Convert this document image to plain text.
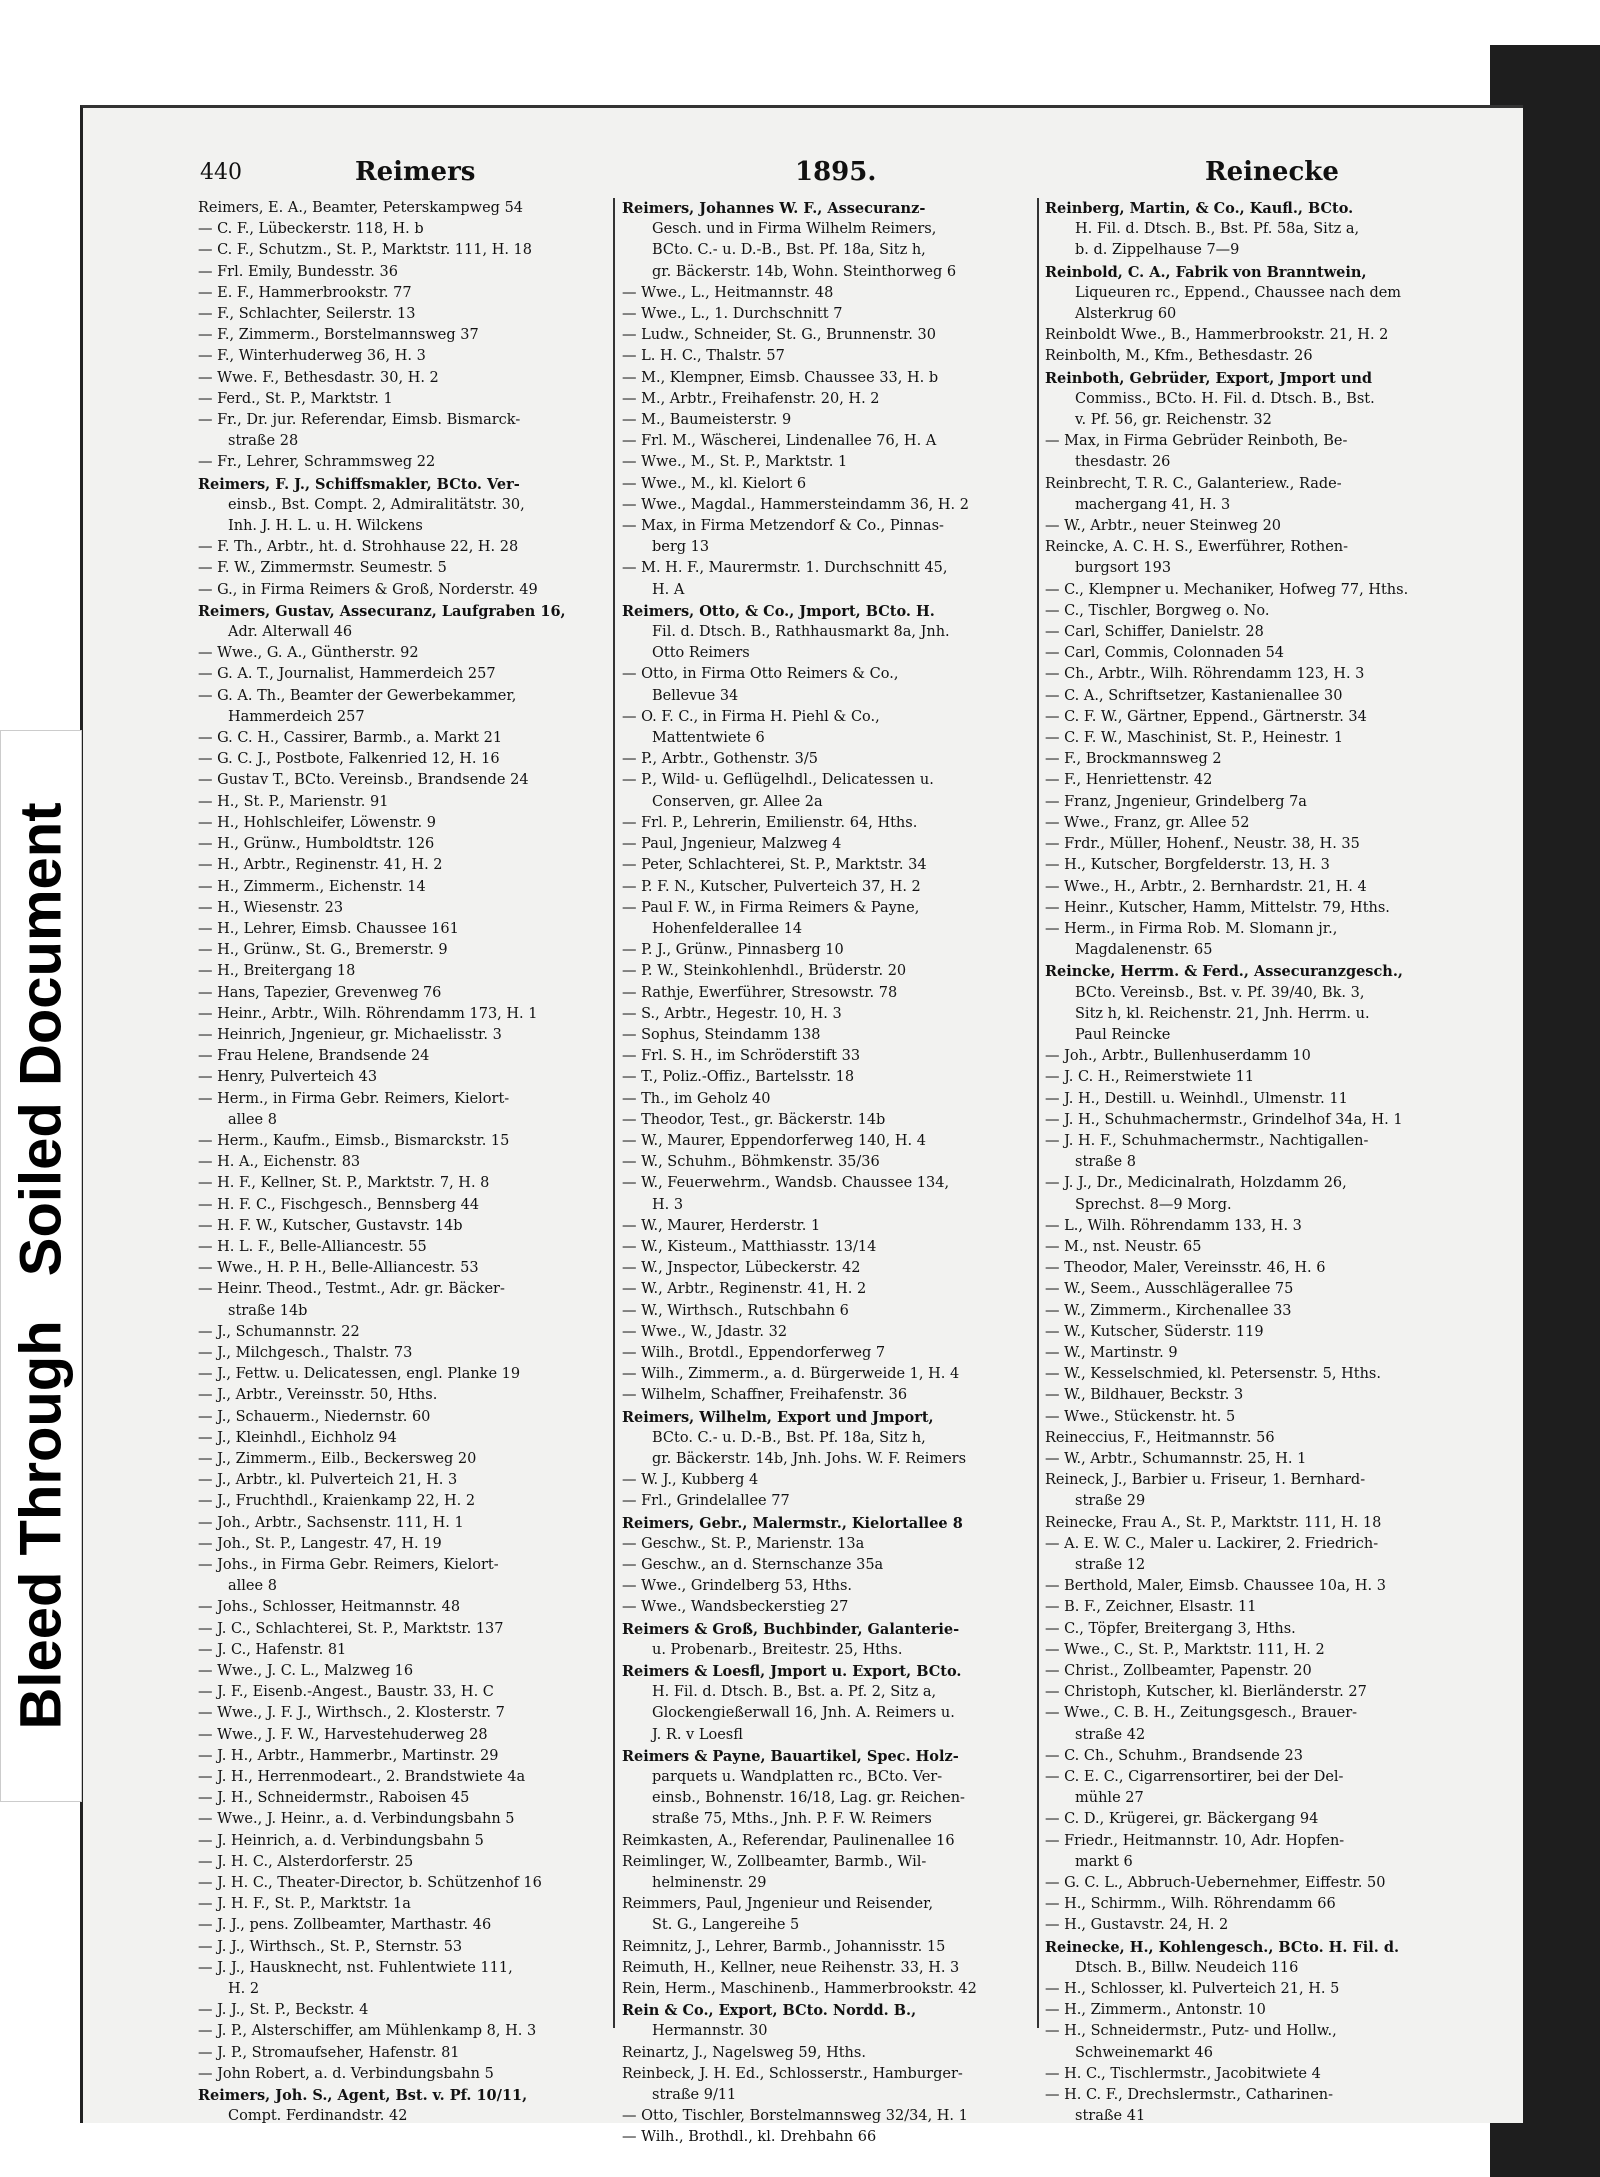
Bleed Through Soiled Document
440	Reimers	1895.	Reinecke
Reimers, E. A., Beamter, Peterskampweg 54
— C. F., Lübeckerstr. 118, H. b
— C. F., Schutzm., St. P., Marktstr. 111, H. 18
— Frl. Emily, Bundesstr. 36
— E. F., Hammerbrookstr. 77
— F., Schlachter, Seilerstr. 13
— F., Zimmerm., Borstelmannsweg 37
— F., Winterhuderweg 36, H. 3
— Wwe. F., Bethesdastr. 30, H. 2
— Ferd., St. P., Marktstr. 1
— Fr., Dr. jur. Referendar, Eimsb. Bismarck-
straße 28
— Fr., Lehrer, Schrammsweg 22
Reimers, F. J., Schiffsmakler, BCto. Ver-
einsb., Bst. Compt. 2, Admiralitätstr. 30,
Inh. J. H. L. u. H. Wilckens
— F. Th., Arbtr., ht. d. Strohhause 22, H. 28
— F. W., Zimmermstr. Seumestr. 5
— G., in Firma Reimers & Groß, Norderstr. 49
Reimers, Gustav, Assecuranz, Laufgraben 16,
Adr. Alterwall 46
— Wwe., G. A., Güntherstr. 92
— G. A. T., Journalist, Hammerdeich 257
— G. A. Th., Beamter der Gewerbekammer,
Hammerdeich 257
— G. C. H., Cassirer, Barmb., a. Markt 21
— G. C. J., Postbote, Falkenried 12, H. 16
— Gustav T., BCto. Vereinsb., Brandsende 24
— H., St. P., Marienstr. 91
— H., Hohlschleifer, Löwenstr. 9
— H., Grünw., Humboldtstr. 126
— H., Arbtr., Reginenstr. 41, H. 2
— H., Zimmerm., Eichenstr. 14
— H., Wiesenstr. 23
— H., Lehrer, Eimsb. Chaussee 161
— H., Grünw., St. G., Bremerstr. 9
— H., Breitergang 18
— Hans, Tapezier, Grevenweg 76
— Heinr., Arbtr., Wilh. Röhrendamm 173, H. 1
— Heinrich, Jngenieur, gr. Michaelisstr. 3
— Frau Helene, Brandsende 24
— Henry, Pulverteich 43
— Herm., in Firma Gebr. Reimers, Kielort-
allee 8
— Herm., Kaufm., Eimsb., Bismarckstr. 15
— H. A., Eichenstr. 83
— H. F., Kellner, St. P., Marktstr. 7, H. 8
— H. F. C., Fischgesch., Bennsberg 44
— H. F. W., Kutscher, Gustavstr. 14b
— H. L. F., Belle-Alliancestr. 55
— Wwe., H. P. H., Belle-Alliancestr. 53
— Heinr. Theod., Testmt., Adr. gr. Bäcker-
straße 14b
— J., Schumannstr. 22
— J., Milchgesch., Thalstr. 73
— J., Fettw. u. Delicatessen, engl. Planke 19
— J., Arbtr., Vereinsstr. 50, Hths.
— J., Schauerm., Niedernstr. 60
— J., Kleinhdl., Eichholz 94
— J., Zimmerm., Eilb., Beckersweg 20
— J., Arbtr., kl. Pulverteich 21, H. 3
— J., Fruchthdl., Kraienkamp 22, H. 2
— Joh., Arbtr., Sachsenstr. 111, H. 1
— Joh., St. P., Langestr. 47, H. 19
— Johs., in Firma Gebr. Reimers, Kielort-
allee 8
— Johs., Schlosser, Heitmannstr. 48
— J. C., Schlachterei, St. P., Marktstr. 137
— J. C., Hafenstr. 81
— Wwe., J. C. L., Malzweg 16
— J. F., Eisenb.-Angest., Baustr. 33, H. C
— Wwe., J. F. J., Wirthsch., 2. Klosterstr. 7
— Wwe., J. F. W., Harvestehuderweg 28
— J. H., Arbtr., Hammerbr., Martinstr. 29
— J. H., Herrenmodeart., 2. Brandstwiete 4a
— J. H., Schneidermstr., Raboisen 45
— Wwe., J. Heinr., a. d. Verbindungsbahn 5
— J. Heinrich, a. d. Verbindungsbahn 5
— J. H. C., Alsterdorferstr. 25
— J. H. C., Theater-Director, b. Schützenhof 16
— J. H. F., St. P., Marktstr. 1a
— J. J., pens. Zollbeamter, Marthastr. 46
— J. J., Wirthsch., St. P., Sternstr. 53
— J. J., Hausknecht, nst. Fuhlentwiete 111,
H. 2
— J. J., St. P., Beckstr. 4
— J. P., Alsterschiffer, am Mühlenkamp 8, H. 3
— J. P., Stromaufseher, Hafenstr. 81
— John Robert, a. d. Verbindungsbahn 5
Reimers, Joh. S., Agent, Bst. v. Pf. 10/11,
Compt. Ferdinandstr. 42
Reimers, Johannes W. F., Assecuranz-
Gesch. und in Firma Wilhelm Reimers,
BCto. C.- u. D.-B., Bst. Pf. 18a, Sitz h,
gr. Bäckerstr. 14b, Wohn. Steinthorweg 6
— Wwe., L., Heitmannstr. 48
— Wwe., L., 1. Durchschnitt 7
— Ludw., Schneider, St. G., Brunnenstr. 30
— L. H. C., Thalstr. 57
— M., Klempner, Eimsb. Chaussee 33, H. b
— M., Arbtr., Freihafenstr. 20, H. 2
— M., Baumeisterstr. 9
— Frl. M., Wäscherei, Lindenallee 76, H. A
— Wwe., M., St. P., Marktstr. 1
— Wwe., M., kl. Kielort 6
— Wwe., Magdal., Hammersteindamm 36, H. 2
— Max, in Firma Metzendorf & Co., Pinnas-
berg 13
— M. H. F., Maurermstr. 1. Durchschnitt 45,
H. A
Reimers, Otto, & Co., Jmport, BCto. H.
Fil. d. Dtsch. B., Rathhausmarkt 8a, Jnh.
Otto Reimers
— Otto, in Firma Otto Reimers & Co.,
Bellevue 34
— O. F. C., in Firma H. Piehl & Co.,
Mattentwiete 6
— P., Arbtr., Gothenstr. 3/5
— P., Wild- u. Geflügelhdl., Delicatessen u.
Conserven, gr. Allee 2a
— Frl. P., Lehrerin, Emilienstr. 64, Hths.
— Paul, Jngenieur, Malzweg 4
— Peter, Schlachterei, St. P., Marktstr. 34
— P. F. N., Kutscher, Pulverteich 37, H. 2
— Paul F. W., in Firma Reimers & Payne,
Hohenfelderallee 14
— P. J., Grünw., Pinnasberg 10
— P. W., Steinkohlenhdl., Brüderstr. 20
— Rathje, Ewerführer, Stresowstr. 78
— S., Arbtr., Hegestr. 10, H. 3
— Sophus, Steindamm 138
— Frl. S. H., im Schröderstift 33
— T., Poliz.-Offiz., Bartelsstr. 18
— Th., im Geholz 40
— Theodor, Test., gr. Bäckerstr. 14b
— W., Maurer, Eppendorferweg 140, H. 4
— W., Schuhm., Böhmkenstr. 35/36
— W., Feuerwehrm., Wandsb. Chaussee 134,
H. 3
— W., Maurer, Herderstr. 1
— W., Kisteum., Matthiasstr. 13/14
— W., Jnspector, Lübeckerstr. 42
— W., Arbtr., Reginenstr. 41, H. 2
— W., Wirthsch., Rutschbahn 6
— Wwe., W., Jdastr. 32
— Wilh., Brotdl., Eppendorferweg 7
— Wilh., Zimmerm., a. d. Bürgerweide 1, H. 4
— Wilhelm, Schaffner, Freihafenstr. 36
Reimers, Wilhelm, Export und Jmport,
BCto. C.- u. D.-B., Bst. Pf. 18a, Sitz h,
gr. Bäckerstr. 14b, Jnh. Johs. W. F. Reimers
— W. J., Kubberg 4
— Frl., Grindelallee 77
Reimers, Gebr., Malermstr., Kielortallee 8
— Geschw., St. P., Marienstr. 13a
— Geschw., an d. Sternschanze 35a
— Wwe., Grindelberg 53, Hths.
— Wwe., Wandsbeckerstieg 27
Reimers & Groß, Buchbinder, Galanterie-
u. Probenarb., Breitestr. 25, Hths.
Reimers & Loesfl, Jmport u. Export, BCto.
H. Fil. d. Dtsch. B., Bst. a. Pf. 2, Sitz a,
Glockengießerwall 16, Jnh. A. Reimers u.
J. R. v Loesfl
Reimers & Payne, Bauartikel, Spec. Holz-
parquets u. Wandplatten rc., BCto. Ver-
einsb., Bohnenstr. 16/18, Lag. gr. Reichen-
straße 75, Mths., Jnh. P. F. W. Reimers
Reimkasten, A., Referendar, Paulinenallee 16
Reimlinger, W., Zollbeamter, Barmb., Wil-
helminenstr. 29
Reimmers, Paul, Jngenieur und Reisender,
St. G., Langereihe 5
Reimnitz, J., Lehrer, Barmb., Johannisstr. 15
Reimuth, H., Kellner, neue Reihenstr. 33, H. 3
Rein, Herm., Maschinenb., Hammerbrookstr. 42
Rein & Co., Export, BCto. Nordd. B.,
Hermannstr. 30
Reinartz, J., Nagelsweg 59, Hths.
Reinbeck, J. H. Ed., Schlosserstr., Hamburger-
straße 9/11
— Otto, Tischler, Borstelmannsweg 32/34, H. 1
— Wilh., Brothdl., kl. Drehbahn 66
Reinberg, Martin, & Co., Kaufl., BCto.
H. Fil. d. Dtsch. B., Bst. Pf. 58a, Sitz a,
b. d. Zippelhause 7—9
Reinbold, C. A., Fabrik von Branntwein,
Liqueuren rc., Eppend., Chaussee nach dem
Alsterkrug 60
Reinboldt Wwe., B., Hammerbrookstr. 21, H. 2
Reinbolth, M., Kfm., Bethesdastr. 26
Reinboth, Gebrüder, Export, Jmport und
Commiss., BCto. H. Fil. d. Dtsch. B., Bst.
v. Pf. 56, gr. Reichenstr. 32
— Max, in Firma Gebrüder Reinboth, Be-
thesdastr. 26
Reinbrecht, T. R. C., Galanteriew., Rade-
machergang 41, H. 3
— W., Arbtr., neuer Steinweg 20
Reincke, A. C. H. S., Ewerführer, Rothen-
burgsort 193
— C., Klempner u. Mechaniker, Hofweg 77, Hths.
— C., Tischler, Borgweg o. No.
— Carl, Schiffer, Danielstr. 28
— Carl, Commis, Colonnaden 54
— Ch., Arbtr., Wilh. Röhrendamm 123, H. 3
— C. A., Schriftsetzer, Kastanienallee 30
— C. F. W., Gärtner, Eppend., Gärtnerstr. 34
— C. F. W., Maschinist, St. P., Heinestr. 1
— F., Brockmannsweg 2
— F., Henriettenstr. 42
— Franz, Jngenieur, Grindelberg 7a
— Wwe., Franz, gr. Allee 52
— Frdr., Müller, Hohenf., Neustr. 38, H. 35
— H., Kutscher, Borgfelderstr. 13, H. 3
— Wwe., H., Arbtr., 2. Bernhardstr. 21, H. 4
— Heinr., Kutscher, Hamm, Mittelstr. 79, Hths.
— Herm., in Firma Rob. M. Slomann jr.,
Magdalenenstr. 65
Reincke, Herrm. & Ferd., Assecuranzgesch.,
BCto. Vereinsb., Bst. v. Pf. 39/40, Bk. 3,
Sitz h, kl. Reichenstr. 21, Jnh. Herrm. u.
Paul Reincke
— Joh., Arbtr., Bullenhuserdamm 10
— J. C. H., Reimerstwiete 11
— J. H., Destill. u. Weinhdl., Ulmenstr. 11
— J. H., Schuhmachermstr., Grindelhof 34a, H. 1
— J. H. F., Schuhmachermstr., Nachtigallen-
straße 8
— J. J., Dr., Medicinalrath, Holzdamm 26,
Sprechst. 8—9 Morg.
— L., Wilh. Röhrendamm 133, H. 3
— M., nst. Neustr. 65
— Theodor, Maler, Vereinsstr. 46, H. 6
— W., Seem., Ausschlägerallee 75
— W., Zimmerm., Kirchenallee 33
— W., Kutscher, Süderstr. 119
— W., Martinstr. 9
— W., Kesselschmied, kl. Petersenstr. 5, Hths.
— W., Bildhauer, Beckstr. 3
— Wwe., Stückenstr. ht. 5
Reineccius, F., Heitmannstr. 56
— W., Arbtr., Schumannstr. 25, H. 1
Reineck, J., Barbier u. Friseur, 1. Bernhard-
straße 29
Reinecke, Frau A., St. P., Marktstr. 111, H. 18
— A. E. W. C., Maler u. Lackirer, 2. Friedrich-
straße 12
— Berthold, Maler, Eimsb. Chaussee 10a, H. 3
— B. F., Zeichner, Elsastr. 11
— C., Töpfer, Breitergang 3, Hths.
— Wwe., C., St. P., Marktstr. 111, H. 2
— Christ., Zollbeamter, Papenstr. 20
— Christoph, Kutscher, kl. Bierländerstr. 27
— Wwe., C. B. H., Zeitungsgesch., Brauer-
straße 42
— C. Ch., Schuhm., Brandsende 23
— C. E. C., Cigarrensortirer, bei der Del-
mühle 27
— C. D., Krügerei, gr. Bäckergang 94
— Friedr., Heitmannstr. 10, Adr. Hopfen-
markt 6
— G. C. L., Abbruch-Uebernehmer, Eiffestr. 50
— H., Schirmm., Wilh. Röhrendamm 66
— H., Gustavstr. 24, H. 2
Reinecke, H., Kohlengesch., BCto. H. Fil. d.
Dtsch. B., Billw. Neudeich 116
— H., Schlosser, kl. Pulverteich 21, H. 5
— H., Zimmerm., Antonstr. 10
— H., Schneidermstr., Putz- und Hollw.,
Schweinemarkt 46
— H. C., Tischlermstr., Jacobitwiete 4
— H. C. F., Drechslermstr., Catharinen-
straße 41
